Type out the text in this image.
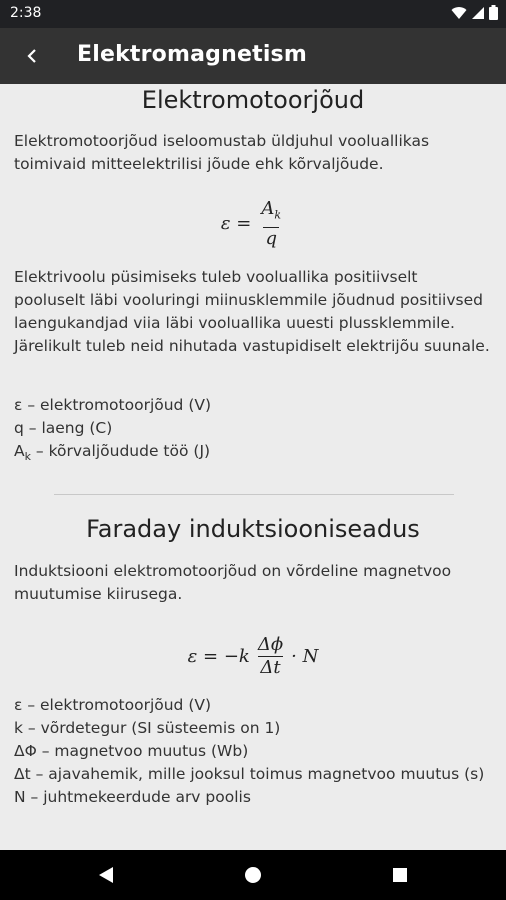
2:38
Elektromagnetism
Elektromotoorjõud

Elektromotoorjõud iseloomustab üldjuhul vooluallikas toimivaid mitteelektrilisi jõude ehk kõrvaljõude.

$\varepsilon = \frac{A_k}{q}$

Elektrivoolu püsimiseks tuleb vooluallika positiivselt pooluselt läbi vooluringi miinusklemmile jõudnud positiivsed laengukandjad viia läbi vooluallika uuesti plussklemmile. Järelikult tuleb neid nihutada vastupidiselt elektrijõu suunale.

ε – elektromotoorjõud (V)
q – laeng (C)
$A_k$ – kõrvaljõudude töö (J)
Faraday induktsiooniseadus

Induktsiooni elektromotoorjõud on võrdeline magnetvoo muutumise kiirusega.

$\varepsilon = -k \frac{\Delta\phi}{\Delta t} \cdot N$
ε – elektromotoorjõud (V)
k – võrdetegur (SI süsteemis on 1)
ΔΦ – magnetvoo muutus (Wb)
Δt – ajavahemik, mille jooksul toimus magnetvoo muutus (s)
N – juhtmekeerdude arv poolis
